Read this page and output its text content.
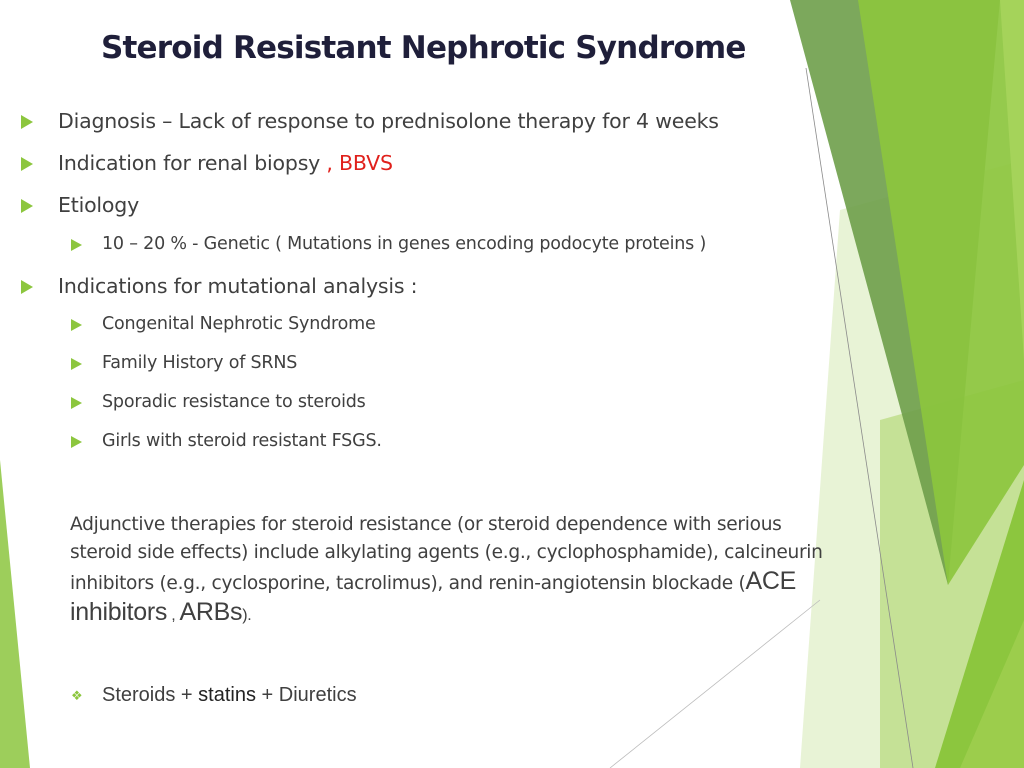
Steroid Resistant Nephrotic Syndrome
Diagnosis – Lack of response to prednisolone therapy for 4 weeks
Indication for renal biopsy , BBVS
Etiology
10 – 20 % - Genetic ( Mutations in genes encoding podocyte proteins )
Indications for mutational analysis :
Congenital Nephrotic Syndrome
Family History of SRNS
Sporadic resistance to steroids
Girls with steroid resistant FSGS.
Adjunctive therapies for steroid resistance (or steroid dependence with serious
steroid side effects) include alkylating agents (e.g., cyclophosphamide), calcineurin
inhibitors (e.g., cyclosporine, tacrolimus), and renin-angiotensin blockade (ACE
inhibitors , ARBs).
❖ Steroids + statins + Diuretics
